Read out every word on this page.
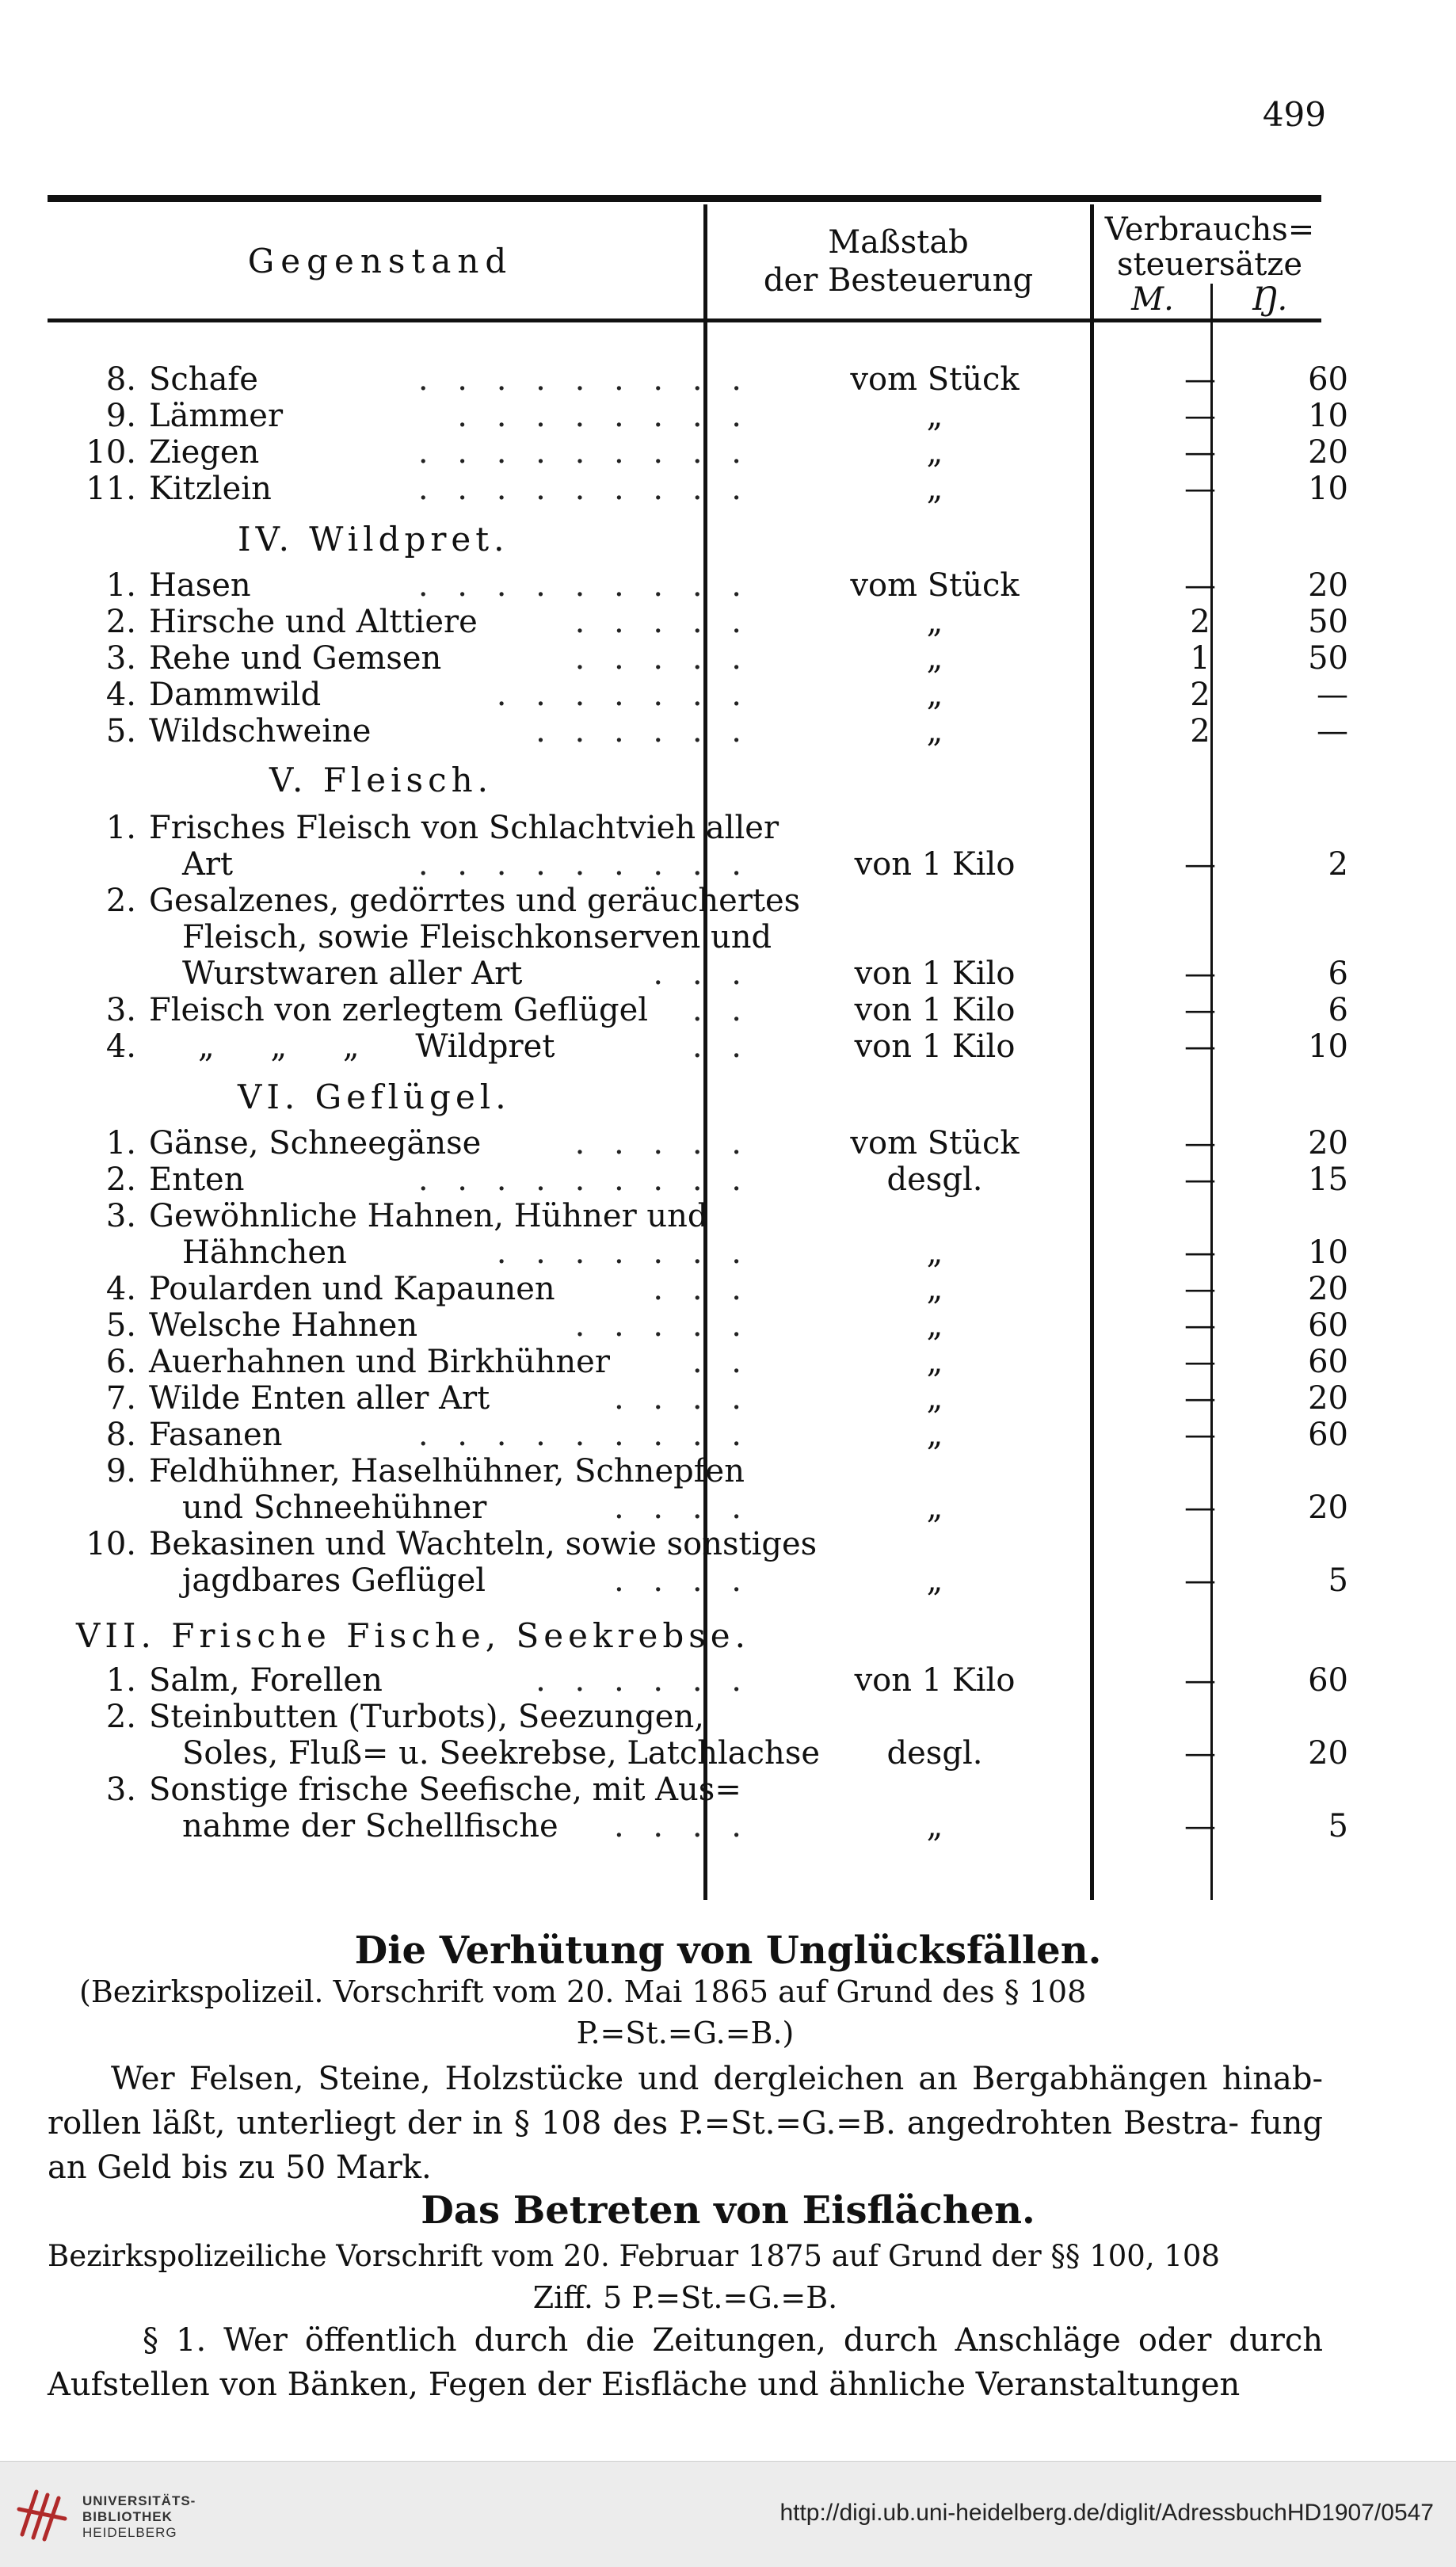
499
Gegenstand	Maßstab
der Besteuerung
Verbrauchs=
steuersätze
M.	Ŋ.
. . . . . . . . .
8. Schafe	vom Stück	—	60
. . . . . . . .
9. Lämmer	„	—	10
. . . . . . . . .
10. Ziegen	„	—	20
. . . . . . . . .
11. Kitzlein	„	—	10
IV. Wildpret.
. . . . . . . . .
1. Hasen	vom Stück	—	20
. . . . .
2. Hirsche und Alttiere	„	2	50
. . . . .
3. Rehe und Gemsen	„	1	50
. . . . . . .
4. Dammwild	„	2	—
. . . . . .
5. Wildschweine	„	2	—
V. Fleisch.
1. Frisches Fleisch von Schlachtvieh aller
. . . . . . . . .
Art	von 1 Kilo	—	2
2. Gesalzenes, gedörrtes und geräuchertes
Fleisch, sowie Fleischkonserven und
. . .
Wurstwaren aller Art	von 1 Kilo	—	6
. .
3. Fleisch von zerlegtem Geflügel	von 1 Kilo	—	6
. .
4. „ „ „ Wildpret	von 1 Kilo	—	10
VI. Geflügel.
. . . . .
1. Gänse, Schneegänse	vom Stück	—	20
. . . . . . . . .
2. Enten	desgl.	—	15
3. Gewöhnliche Hahnen, Hühner und
. . . . . . .
Hähnchen	„	—	10
. . .
4. Poularden und Kapaunen	„	—	20
. . . . .
5. Welsche Hahnen	„	—	60
. .
6. Auerhahnen und Birkhühner	„	—	60
. . . .
7. Wilde Enten aller Art	„	—	20
. . . . . . . . .
8. Fasanen	„	—	60
9. Feldhühner, Haselhühner, Schnepfen
. . . .
und Schneehühner	„	—	20
10. Bekasinen und Wachteln, sowie sonstiges
. . . .
jagdbares Geflügel	„	—	5
VII. Frische Fische, Seekrebse.
. . . . . .
1. Salm, Forellen	von 1 Kilo	—	60
2. Steinbutten (Turbots), Seezungen,
Soles, Fluß= u. Seekrebse, Latchlachse	desgl.	—	20
3. Sonstige frische Seefische, mit Aus=
. . . .
nahme der Schellfische	„	—	5
Die Verhütung von Unglücksfällen.
(Bezirkspolizeil. Vorschrift vom 20. Mai 1865 auf Grund des § 108
P.=St.=G.=B.)
Wer Felsen, Steine, Holzstücke und dergleichen an Bergabhängen hinab- rollen läßt, unterliegt der in § 108 des P.=St.=G.=B. angedrohten Bestra- fung an Geld bis zu 50 Mark.
Das Betreten von Eisflächen.
Bezirkspolizeiliche Vorschrift vom 20. Februar 1875 auf Grund der §§ 100, 108
Ziff. 5 P.=St.=G.=B.
§ 1. Wer öffentlich durch die Zeitungen, durch Anschläge oder durch Aufstellen von Bänken, Fegen der Eisfläche und ähnliche Veranstaltungen
UNIVERSITÄTS-
BIBLIOTHEK
HEIDELBERG
http://digi.ub.uni-heidelberg.de/diglit/AdressbuchHD1907/0547
